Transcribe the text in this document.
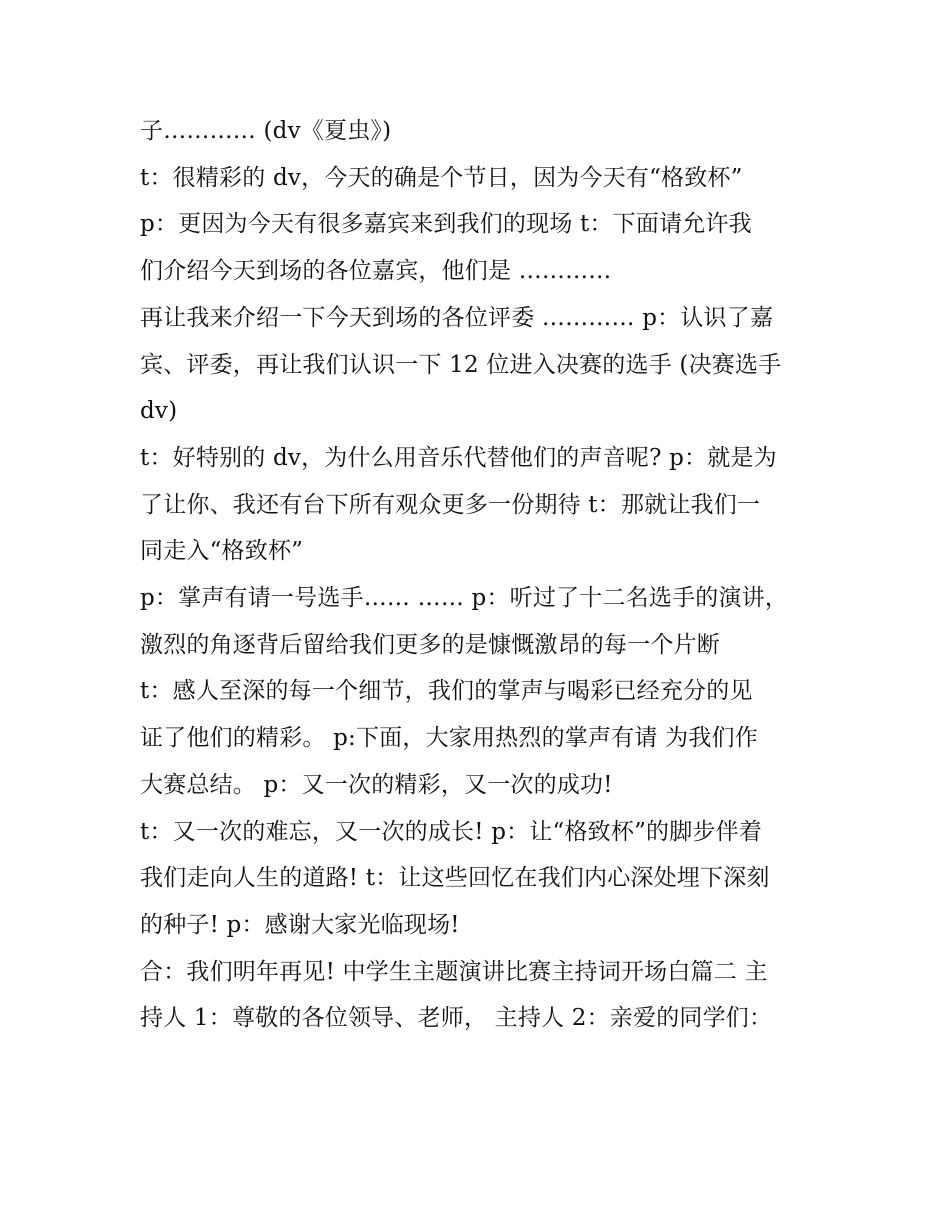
子………… (dv《夏虫》)

t：很精彩的 dv，今天的确是个节日，因为今天有“格致杯”

p：更因为今天有很多嘉宾来到我们的现场 t：下面请允许我
们介绍今天到场的各位嘉宾，他们是 …………

再让我来介绍一下今天到场的各位评委 ………… p：认识了嘉
宾、评委，再让我们认识一下 12 位进入决赛的选手 (决赛选手
dv)

t：好特别的 dv，为什么用音乐代替他们的声音呢? p：就是为
了让你、我还有台下所有观众更多一份期待 t：那就让我们一
同走入“格致杯”

p：掌声有请一号选手…… …… p：听过了十二名选手的演讲，
激烈的角逐背后留给我们更多的是慷慨激昂的每一个片断

t：感人至深的每一个细节，我们的掌声与喝彩已经充分的见
证了他们的精彩。 p:下面，大家用热烈的掌声有请 为我们作
大赛总结。 p：又一次的精彩，又一次的成功!

t：又一次的难忘，又一次的成长! p：让“格致杯”的脚步伴着
我们走向人生的道路! t：让这些回忆在我们内心深处埋下深刻
的种子! p：感谢大家光临现场!

合：我们明年再见! 中学生主题演讲比赛主持词开场白篇二 主
持人 1：尊敬的各位领导、老师， 主持人 2：亲爱的同学们：
